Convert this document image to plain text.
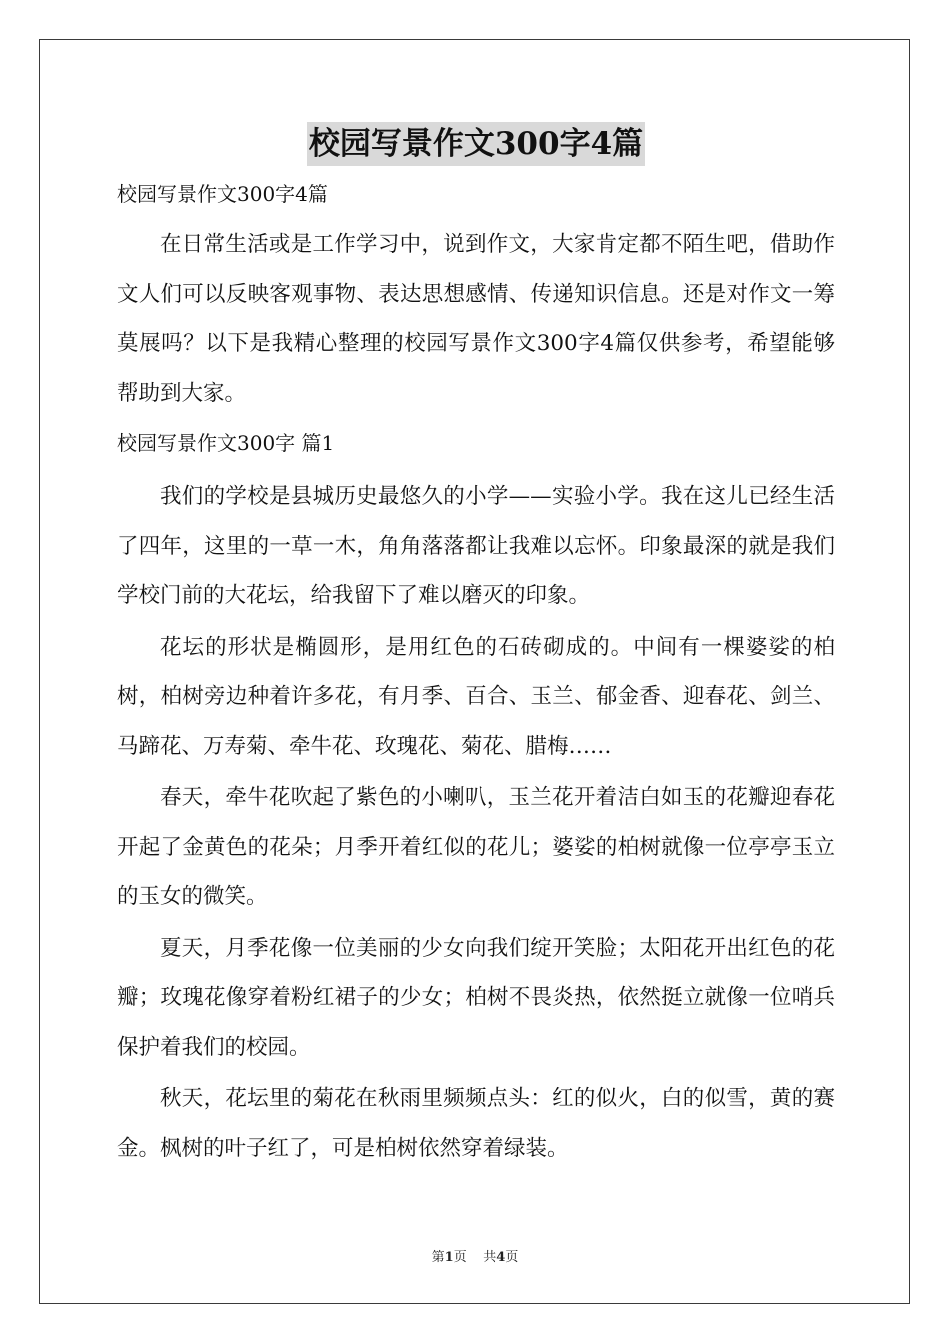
校园写景作文300字4篇
校园写景作文300字4篇

在日常生活或是工作学习中，说到作文，大家肯定都不陌生吧，借助作文人们可以反映客观事物、表达思想感情、传递知识信息。还是对作文一筹莫展吗？以下是我精心整理的校园写景作文300字4篇仅供参考，希望能够帮助到大家。

校园写景作文300字 篇1

我们的学校是县城历史最悠久的小学——实验小学。我在这儿已经生活了四年，这里的一草一木，角角落落都让我难以忘怀。印象最深的就是我们学校门前的大花坛，给我留下了难以磨灭的印象。

花坛的形状是椭圆形，是用红色的石砖砌成的。中间有一棵婆娑的柏树，柏树旁边种着许多花，有月季、百合、玉兰、郁金香、迎春花、剑兰、马蹄花、万寿菊、牵牛花、玫瑰花、菊花、腊梅……

春天，牵牛花吹起了紫色的小喇叭，玉兰花开着洁白如玉的花瓣迎春花开起了金黄色的花朵；月季开着红似的花儿；婆娑的柏树就像一位亭亭玉立的玉女的微笑。

夏天，月季花像一位美丽的少女向我们绽开笑脸；太阳花开出红色的花瓣；玫瑰花像穿着粉红裙子的少女；柏树不畏炎热，依然挺立就像一位哨兵保护着我们的校园。

秋天，花坛里的菊花在秋雨里频频点头：红的似火，白的似雪，黄的赛金。枫树的叶子红了，可是柏树依然穿着绿装。

第1页 共4页
